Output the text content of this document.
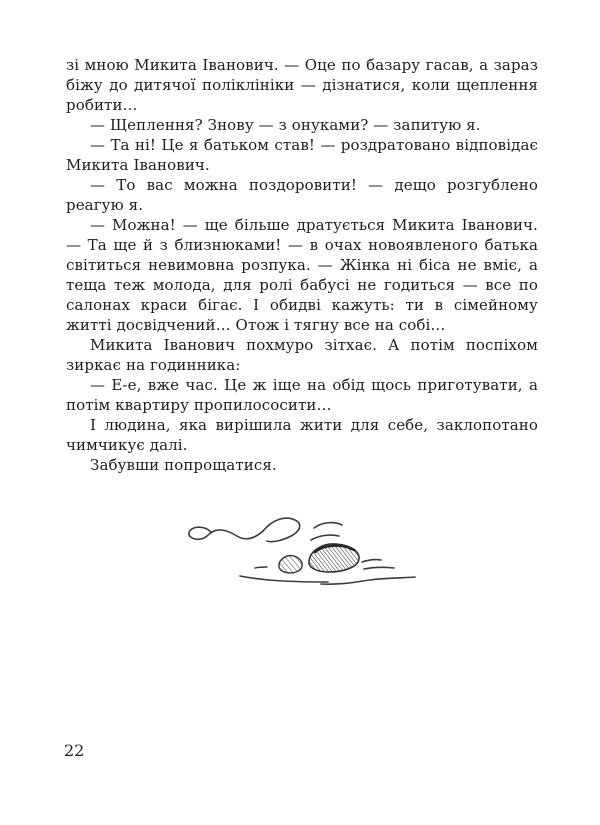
зі мною Микита Іванович. — Оце по базару гасав, а зараз біжу до дитячої поліклініки — дізнатися, коли щеплення робити…

— Щеплення? Знову — з онуками? — запитую я.

— Та ні! Це я батьком став! — роздратовано відповідає Микита Іванович.

— То вас можна поздоровити! — дещо розгублено реагую я.

— Можна! — ще більше дратується Микита Іванович. — Та ще й з близнюками! — в очах новоявленого батька світиться невимовна розпука. — Жінка ні біса не вміє, а теща теж молода, для ролі бабусі не годиться — все по салонах краси бігає. І обидві кажуть: ти в сімейному житті досвідчений… Отож і тягну все на собі…

Микита Іванович похмуро зітхає. А потім поспіхом зиркає на годинника:

— Е-е, вже час. Це ж іще на обід щось приготувати, а потім квартиру пропилососити…

І людина, яка вирішила жити для себе, заклопотано чимчикує далі.

Забувши попрощатися.

22
